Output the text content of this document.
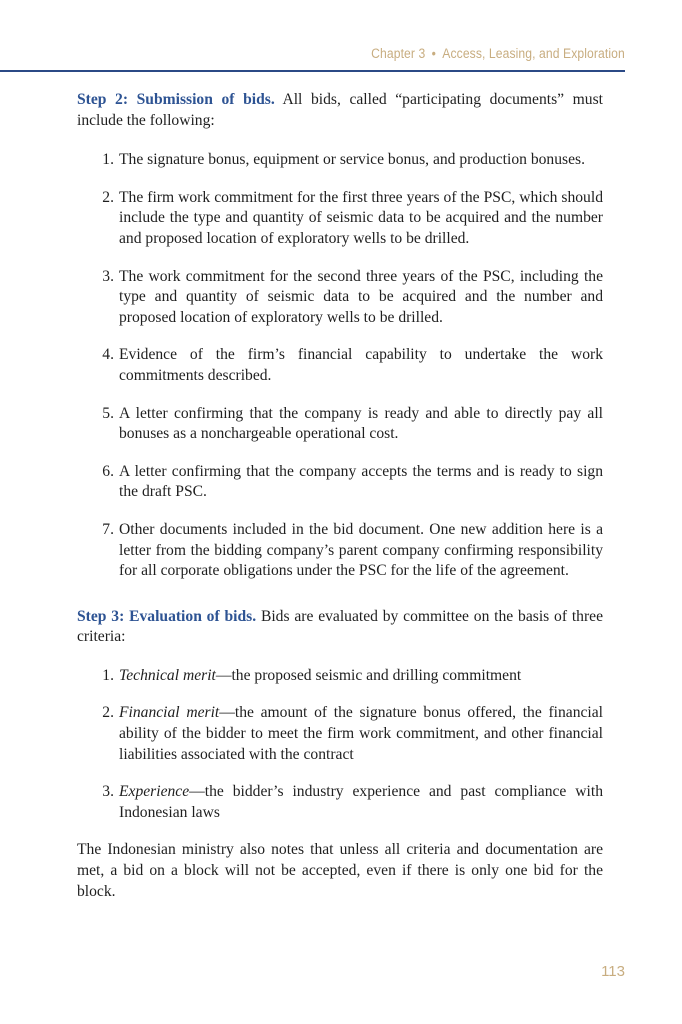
Chapter 3 • Access, Leasing, and Exploration

Step 2: Submission of bids. All bids, called “participating documents” must include the following:

1. The signature bonus, equipment or service bonus, and production bonuses.
2. The firm work commitment for the first three years of the PSC, which should include the type and quantity of seismic data to be acquired and the number and proposed location of exploratory wells to be drilled.
3. The work commitment for the second three years of the PSC, including the type and quantity of seismic data to be acquired and the number and proposed location of exploratory wells to be drilled.
4. Evidence of the firm’s financial capability to undertake the work commitments described.
5. A letter confirming that the company is ready and able to directly pay all bonuses as a nonchargeable operational cost.
6. A letter confirming that the company accepts the terms and is ready to sign the draft PSC.
7. Other documents included in the bid document. One new addition here is a letter from the bidding company’s parent company confirming responsibility for all corporate obligations under the PSC for the life of the agreement.

Step 3: Evaluation of bids. Bids are evaluated by committee on the basis of three criteria:

1. Technical merit—the proposed seismic and drilling commitment
2. Financial merit—the amount of the signature bonus offered, the financial ability of the bidder to meet the firm work commitment, and other financial liabilities associated with the contract
3. Experience—the bidder’s industry experience and past compliance with Indonesian laws

The Indonesian ministry also notes that unless all criteria and documentation are met, a bid on a block will not be accepted, even if there is only one bid for the block.

113
